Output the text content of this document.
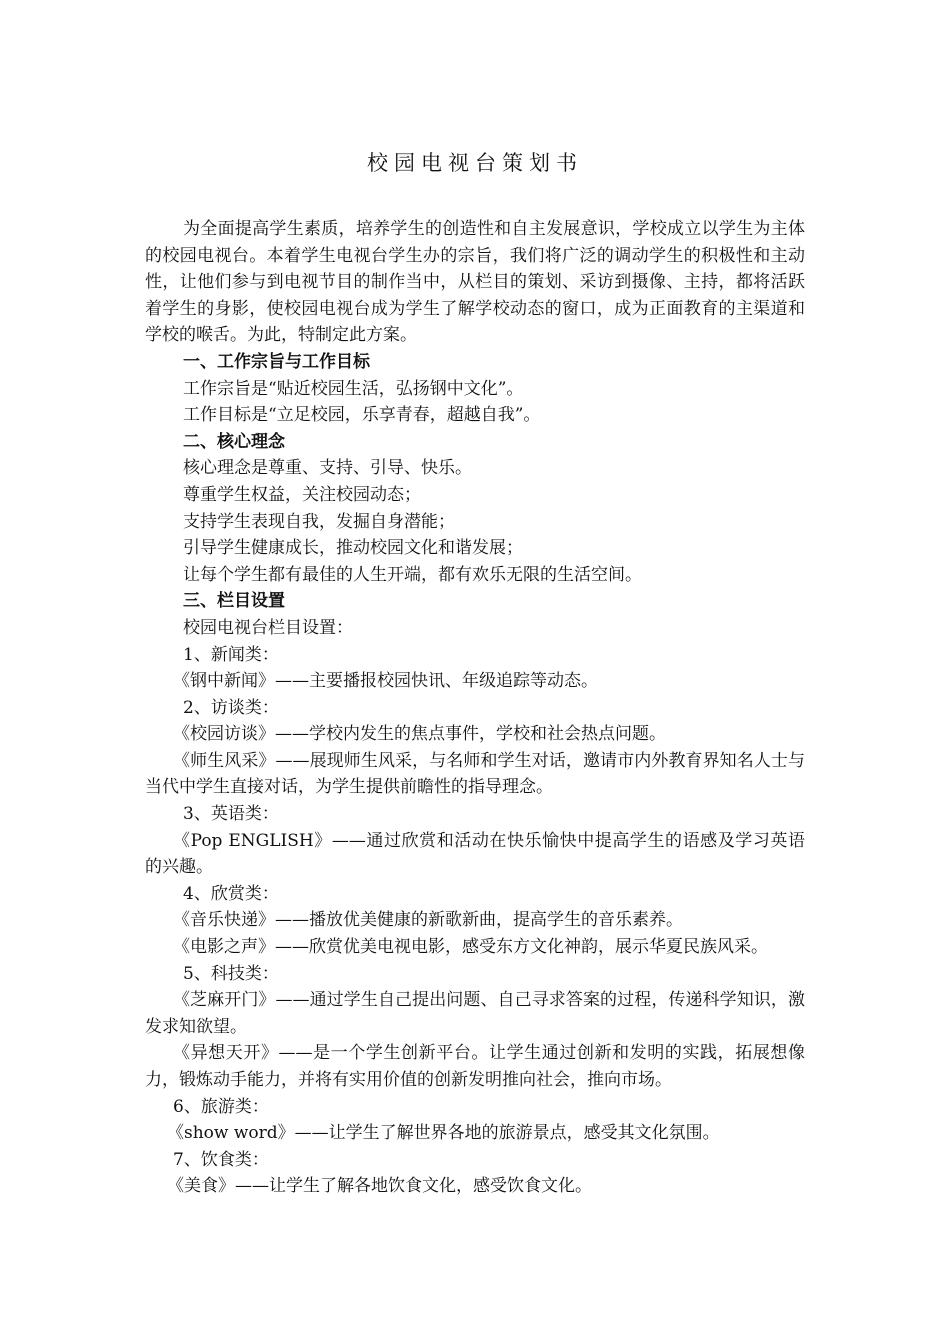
校园电视台策划书

为全面提高学生素质，培养学生的创造性和自主发展意识，学校成立以学生为主体的校园电视台。本着学生电视台学生办的宗旨，我们将广泛的调动学生的积极性和主动性，让他们参与到电视节目的制作当中，从栏目的策划、采访到摄像、主持，都将活跃着学生的身影，使校园电视台成为学生了解学校动态的窗口，成为正面教育的主渠道和学校的喉舌。为此，特制定此方案。

一、工作宗旨与工作目标

工作宗旨是“贴近校园生活，弘扬钢中文化”。

工作目标是“立足校园，乐享青春，超越自我”。

二、核心理念

核心理念是尊重、支持、引导、快乐。

尊重学生权益，关注校园动态；

支持学生表现自我，发掘自身潜能；

引导学生健康成长，推动校园文化和谐发展；

让每个学生都有最佳的人生开端，都有欢乐无限的生活空间。

三、栏目设置

校园电视台栏目设置：

1、新闻类：

《钢中新闻》——主要播报校园快讯、年级追踪等动态。

2、访谈类：

《校园访谈》——学校内发生的焦点事件，学校和社会热点问题。

《师生风采》——展现师生风采，与名师和学生对话，邀请市内外教育界知名人士与当代中学生直接对话，为学生提供前瞻性的指导理念。

3、英语类：

《Pop ENGLISH》——通过欣赏和活动在快乐愉快中提高学生的语感及学习英语的兴趣。

4、欣赏类：

《音乐快递》——播放优美健康的新歌新曲，提高学生的音乐素养。

《电影之声》——欣赏优美电视电影，感受东方文化神韵，展示华夏民族风采。

5、科技类：

《芝麻开门》——通过学生自己提出问题、自己寻求答案的过程，传递科学知识，激发求知欲望。

《异想天开》——是一个学生创新平台。让学生通过创新和发明的实践，拓展想像力，锻炼动手能力，并将有实用价值的创新发明推向社会，推向市场。

6、旅游类：

《show word》——让学生了解世界各地的旅游景点，感受其文化氛围。

7、饮食类：

《美食》——让学生了解各地饮食文化，感受饮食文化。
